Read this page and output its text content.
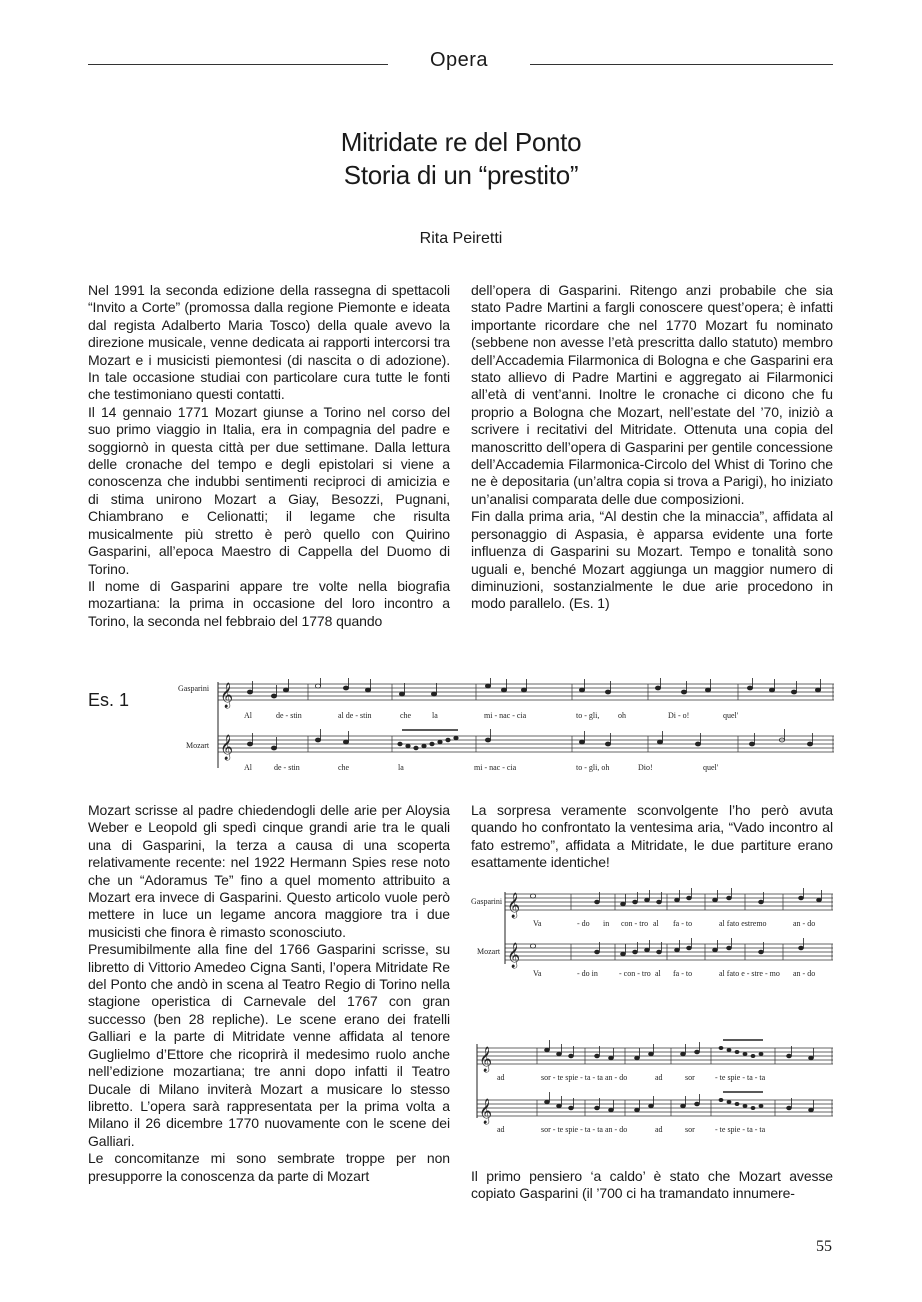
Opera
Mitridate re del Ponto
Storia di un “prestito”
Rita Peiretti

Nel 1991 la seconda edizione della rassegna di spettacoli “Invito a Corte” (promossa dalla regione Piemonte e ideata dal regista Adalberto Maria Tosco) della quale avevo la direzione musicale, venne dedicata ai rapporti intercorsi tra Mozart e i musicisti piemontesi (di nascita o di adozione). In tale occasione studiai con particolare cura tutte le fonti che testimoniano questi contatti.

Il 14 gennaio 1771 Mozart giunse a Torino nel corso del suo primo viaggio in Italia, era in compagnia del padre e soggiornò in questa città per due settimane. Dalla lettura delle cronache del tempo e degli epistolari si viene a conoscenza che indubbi sentimenti reciproci di amicizia e di stima unirono Mozart a Giay, Besozzi, Pugnani, Chiambrano e Celionatti; il legame che risulta musicalmente più stretto è però quello con Quirino Gasparini, all’epoca Maestro di Cappella del Duomo di Torino.

Il nome di Gasparini appare tre volte nella biografia mozartiana: la prima in occasione del loro incontro a Torino, la seconda nel febbraio del 1778 quando

dell’opera di Gasparini. Ritengo anzi probabile che sia stato Padre Martini a fargli conoscere quest’opera; è infatti importante ricordare che nel 1770 Mozart fu nominato (sebbene non avesse l’età prescritta dallo statuto) membro dell’Accademia Filarmonica di Bologna e che Gasparini era stato allievo di Padre Martini e aggregato ai Filarmonici all’età di vent’anni. Inoltre le cronache ci dicono che fu proprio a Bologna che Mozart, nell’estate del ’70, iniziò a scrivere i recitativi del Mitridate. Ottenuta una copia del manoscritto dell’opera di Gasparini per gentile concessione dell’Accademia Filarmonica-Circolo del Whist di Torino che ne è depositaria (un’altra copia si trova a Parigi), ho iniziato un’analisi comparata delle due composizioni.

Fin dalla prima aria, “Al destin che la minaccia”, affidata al personaggio di Aspasia, è apparsa evidente una forte influenza di Gasparini su Mozart. Tempo e tonalità sono uguali e, benché Mozart aggiunga un maggior numero di diminuzioni, sostanzialmente le due arie procedono in modo parallelo. (Es. 1)

Es. 1
Gasparini
Mozart
𝄞
𝄞
Al	de - stin	al de - stin	che	la	mi - nac - cia	to - gli, oh	Di - o!	quel'
Al	de - stin	che	la	mi - nac - cia	to - gli, oh	Dio!	quel'

Mozart scrisse al padre chiedendogli delle arie per Aloysia Weber e Leopold gli spedì cinque grandi arie tra le quali una di Gasparini, la terza a causa di una scoperta relativamente recente: nel 1922 Hermann Spies rese noto che un “Adoramus Te” fino a quel momento attribuito a Mozart era invece di Gasparini. Questo articolo vuole però mettere in luce un legame ancora maggiore tra i due musicisti che finora è rimasto sconosciuto.

Presumibilmente alla fine del 1766 Gasparini scrisse, su libretto di Vittorio Amedeo Cigna Santi, l’opera Mitridate Re del Ponto che andò in scena al Teatro Regio di Torino nella stagione operistica di Carnevale del 1767 con gran successo (ben 28 repliche). Le scene erano dei fratelli Galliari e la parte di Mitridate venne affidata al tenore Guglielmo d’Ettore che ricoprirà il medesimo ruolo anche nell’edizione mozartiana; tre anni dopo infatti il Teatro Ducale di Milano inviterà Mozart a musicare lo stesso libretto. L’opera sarà rappresentata per la prima volta a Milano il 26 dicembre 1770 nuovamente con le scene dei Galliari.

Le concomitanze mi sono sembrate troppe per non presupporre la conoscenza da parte di Mozart

La sorpresa veramente sconvolgente l’ho però avuta quando ho confrontato la ventesima aria, “Vado incontro al fato estremo”, affidata a Mitridate, le due partiture erano esattamente identiche!

Gasparini
Mozart
𝄞
𝄞
Va	- do in con - tro al fa - to	al fato estremo	an - do
Va	- do in	- con - tro al fa - to	al fato e - stre - mo an - do
𝄞
𝄞
ad	sor - te spie - ta - ta an - do	ad	sor	- te spie - ta - ta
ad	sor - te spie - ta - ta an - do	ad	sor	- te spie - ta - ta

Il primo pensiero ‘a caldo’ è stato che Mozart avesse copiato Gasparini (il ’700 ci ha tramandato innumere-

55
